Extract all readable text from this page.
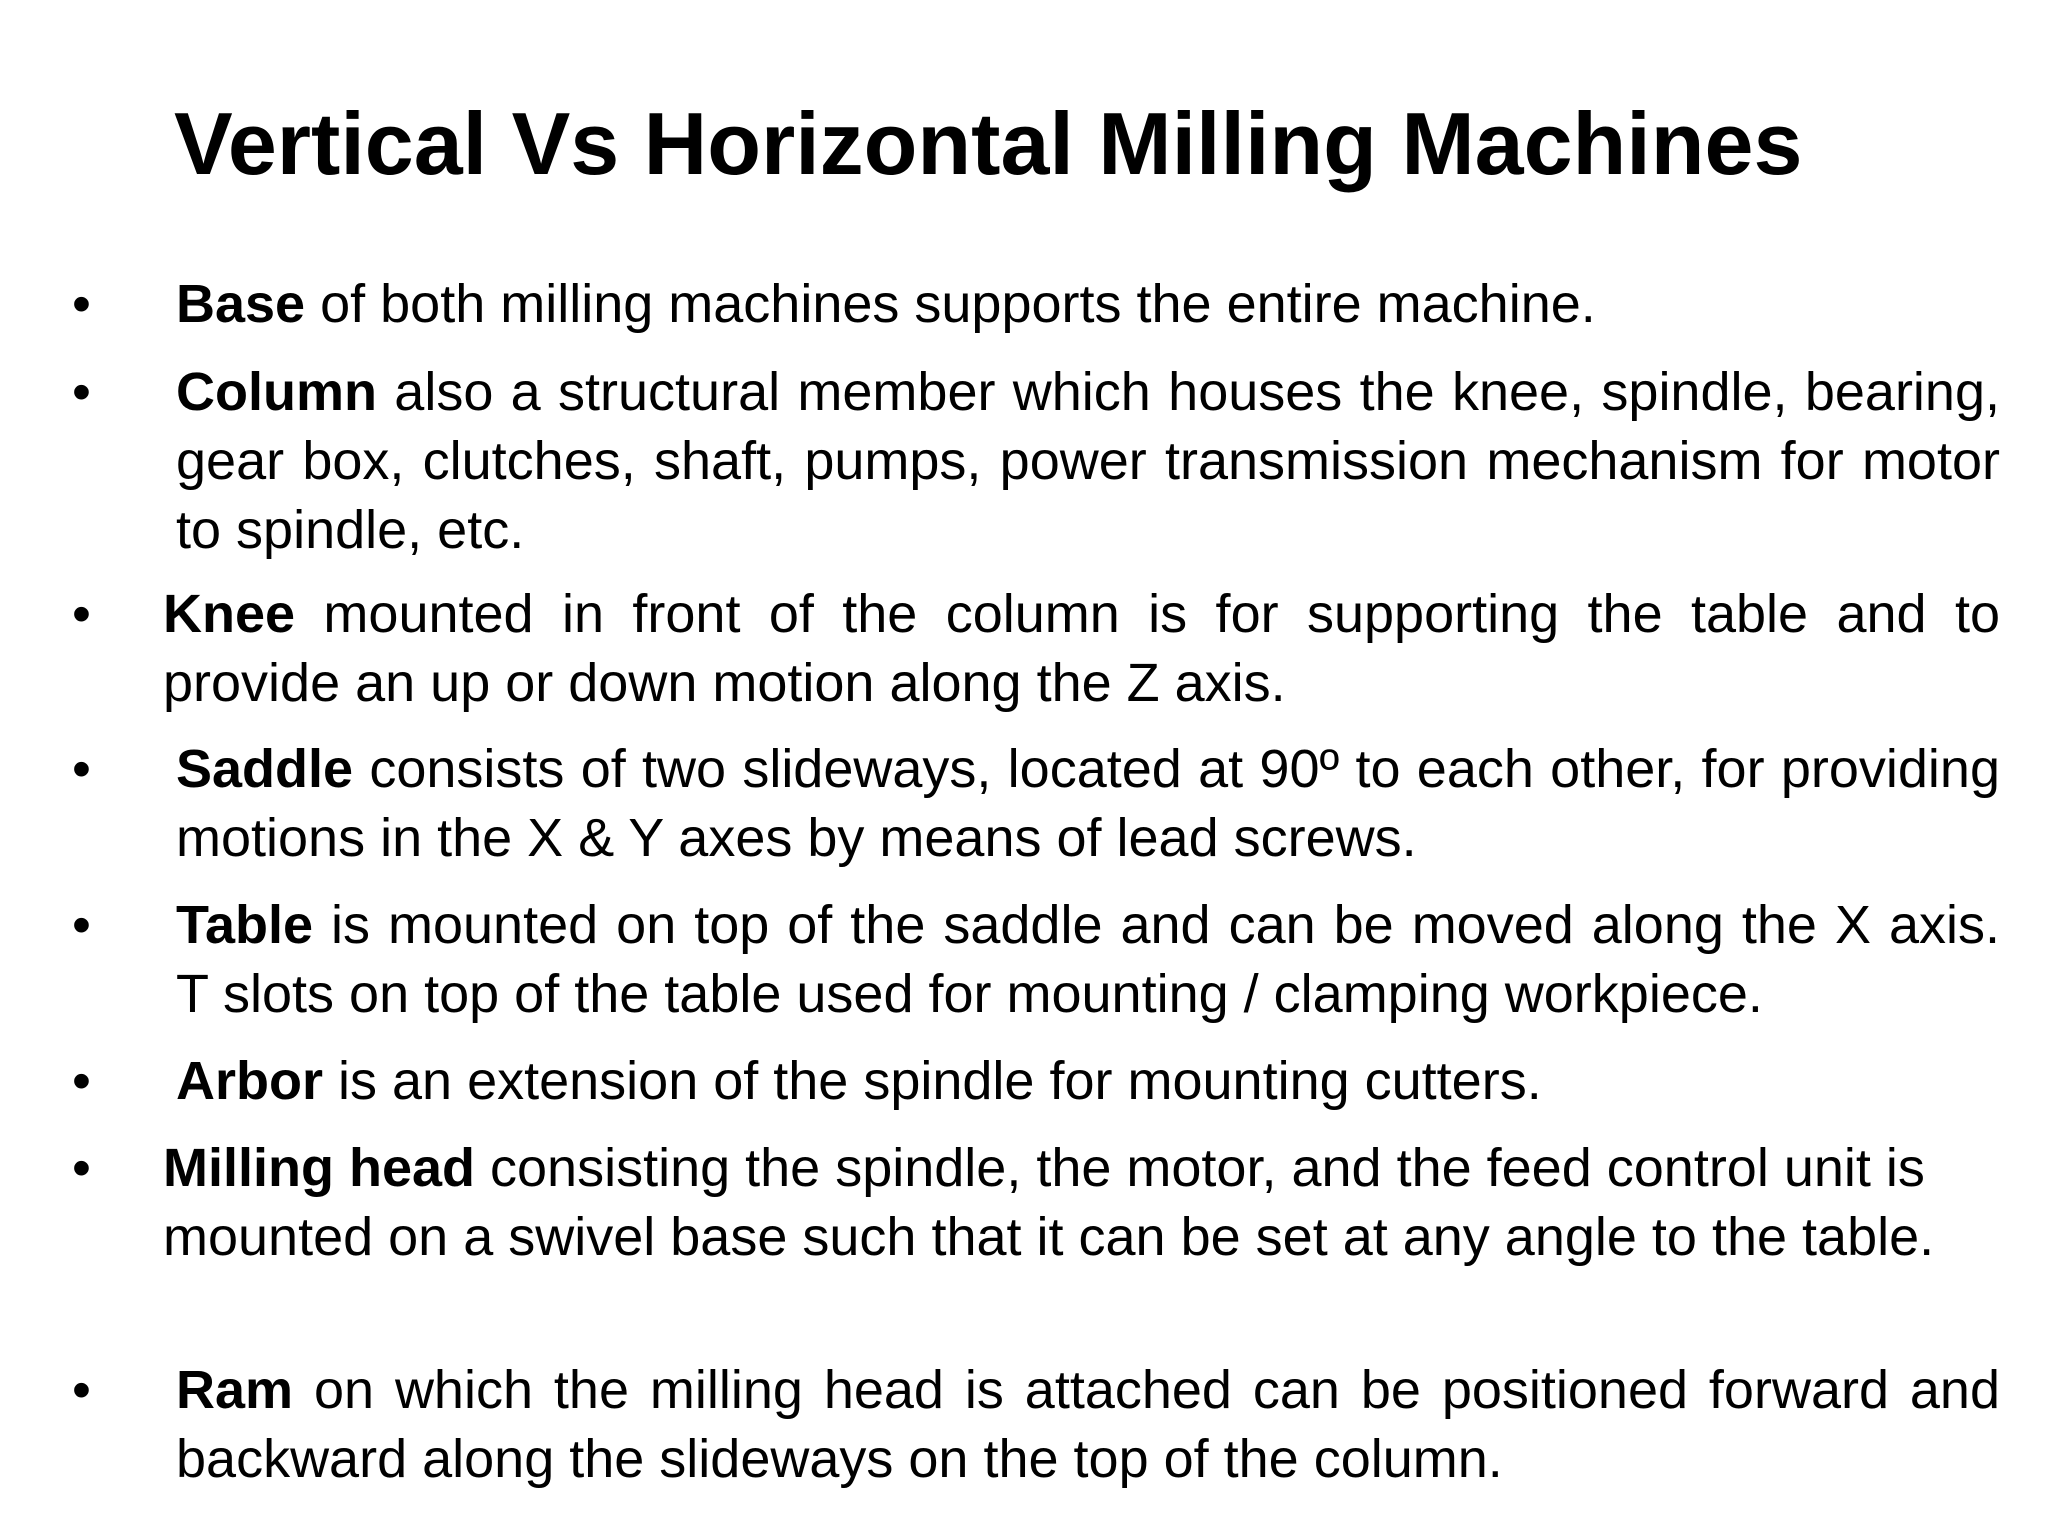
Vertical Vs Horizontal Milling Machines
• Base of both milling machines supports the entire machine.
• Column also a structural member which houses the knee, spindle, bearing, gear box, clutches, shaft, pumps, power transmission mechanism for motor to spindle, etc.
• Knee mounted in front of the column is for supporting the table and to provide an up or down motion along the Z axis.
• Saddle consists of two slideways, located at 90º to each other, for providing motions in the X & Y axes by means of lead screws.
• Table is mounted on top of the saddle and can be moved along the X axis. T slots on top of the table used for mounting / clamping workpiece.
• Arbor is an extension of the spindle for mounting cutters.
• Milling head consisting the spindle, the motor, and the feed control unit is mounted on a swivel base such that it can be set at any angle to the table.
• Ram on which the milling head is attached can be positioned forward and backward along the slideways on the top of the column.
